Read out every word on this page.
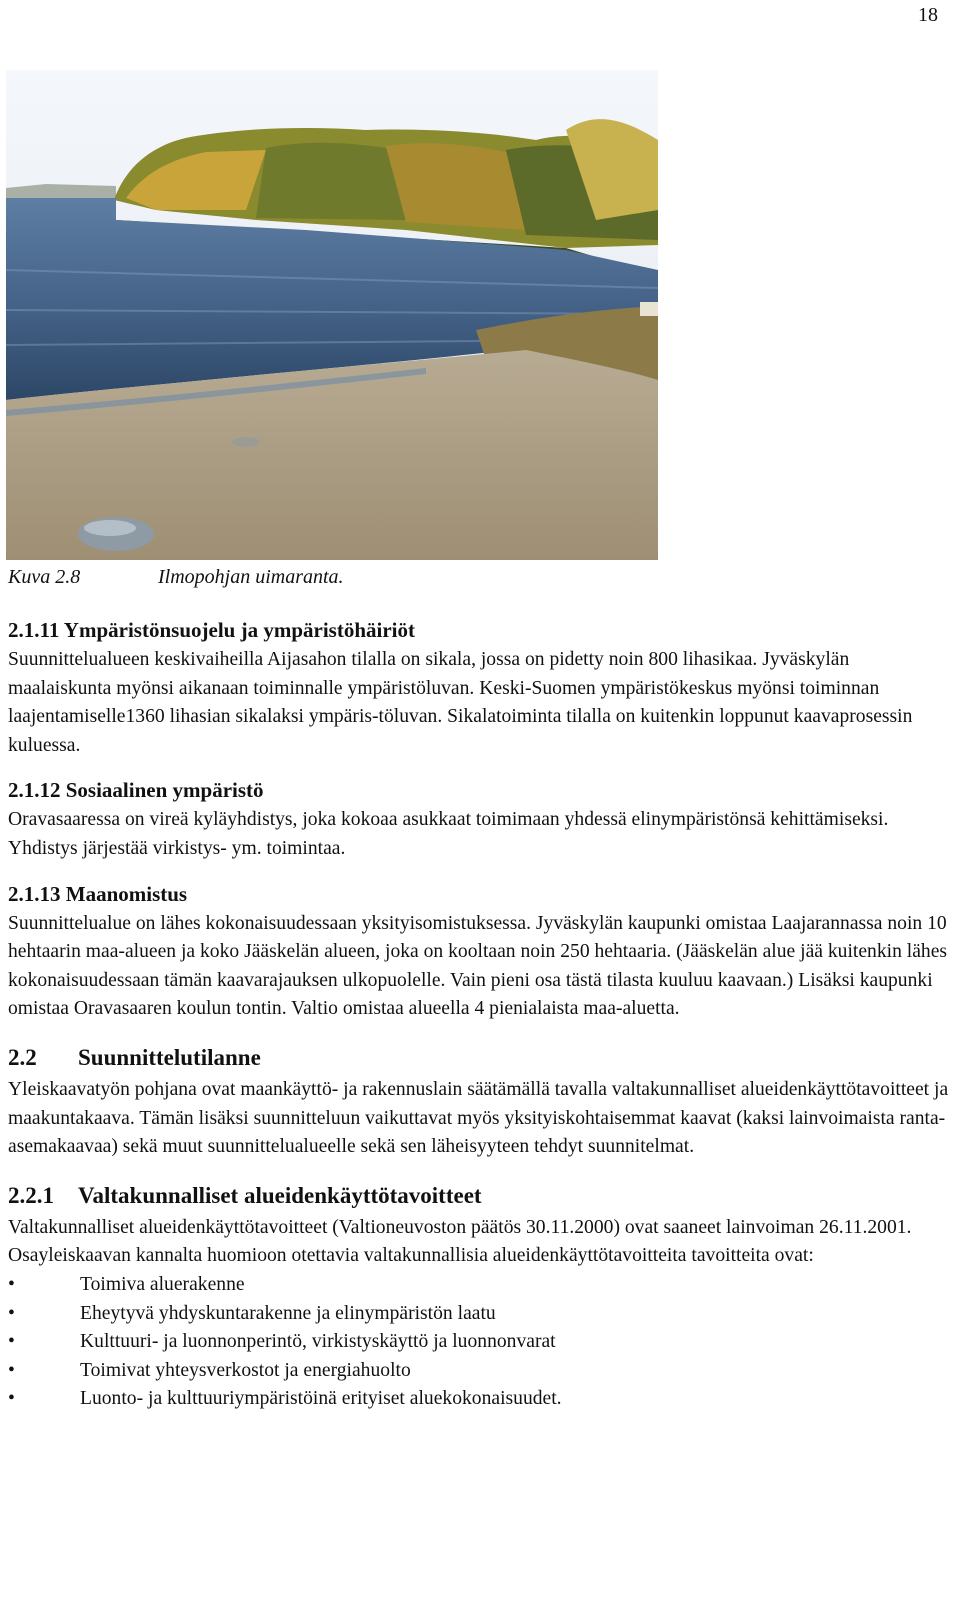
18
Kuva 2.8	Ilmopohjan uimaranta.
2.1.11 Ympäristönsuojelu ja ympäristöhäiriöt

Suunnittelualueen keskivaiheilla Aijasahon tilalla on sikala, jossa on pidetty noin 800 lihasikaa. Jyväskylän maalaiskunta myönsi aikanaan toiminnalle ympäristöluvan. Keski-Suomen ympäristökeskus myönsi toiminnan laajentamiselle1360 lihasian sikalaksi ympäris-töluvan. Sikalatoiminta tilalla on kuitenkin loppunut kaavaprosessin kuluessa.

2.1.12 Sosiaalinen ympäristö

Oravasaaressa on vireä kyläyhdistys, joka kokoaa asukkaat toimimaan yhdessä elinympäristönsä kehittämiseksi. Yhdistys järjestää virkistys- ym. toimintaa.

2.1.13 Maanomistus

Suunnittelualue on lähes kokonaisuudessaan yksityisomistuksessa. Jyväskylän kaupunki omistaa Laajarannassa noin 10 hehtaarin maa-alueen ja koko Jääskelän alueen, joka on kooltaan noin 250 hehtaaria. (Jääskelän alue jää kuitenkin lähes kokonaisuudessaan tämän kaavarajauksen ulkopuolelle. Vain pieni osa tästä tilasta kuuluu kaavaan.) Lisäksi kaupunki omistaa Oravasaaren koulun tontin. Valtio omistaa alueella 4 pienialaista maa-aluetta.

2.2 Suunnittelutilanne

Yleiskaavatyön pohjana ovat maankäyttö- ja rakennuslain säätämällä tavalla valtakunnalliset alueidenkäyttötavoitteet ja maakuntakaava. Tämän lisäksi suunnitteluun vaikuttavat myös yksityiskohtaisemmat kaavat (kaksi lainvoimaista ranta-asemakaavaa) sekä muut suunnittelualueelle sekä sen läheisyyteen tehdyt suunnitelmat.

2.2.1 Valtakunnalliset alueidenkäyttötavoitteet

Valtakunnalliset alueidenkäyttötavoitteet (Valtioneuvoston päätös 30.11.2000) ovat saaneet lainvoiman 26.11.2001. Osayleiskaavan kannalta huomioon otettavia valtakunnallisia alueidenkäyttötavoitteita tavoitteita ovat:

•	Toimiva aluerakenne
•	Eheytyvä yhdyskuntarakenne ja elinympäristön laatu
•	Kulttuuri- ja luonnonperintö, virkistyskäyttö ja luonnonvarat
•	Toimivat yhteysverkostot ja energiahuolto
•	Luonto- ja kulttuuriympäristöinä erityiset aluekokonaisuudet.
